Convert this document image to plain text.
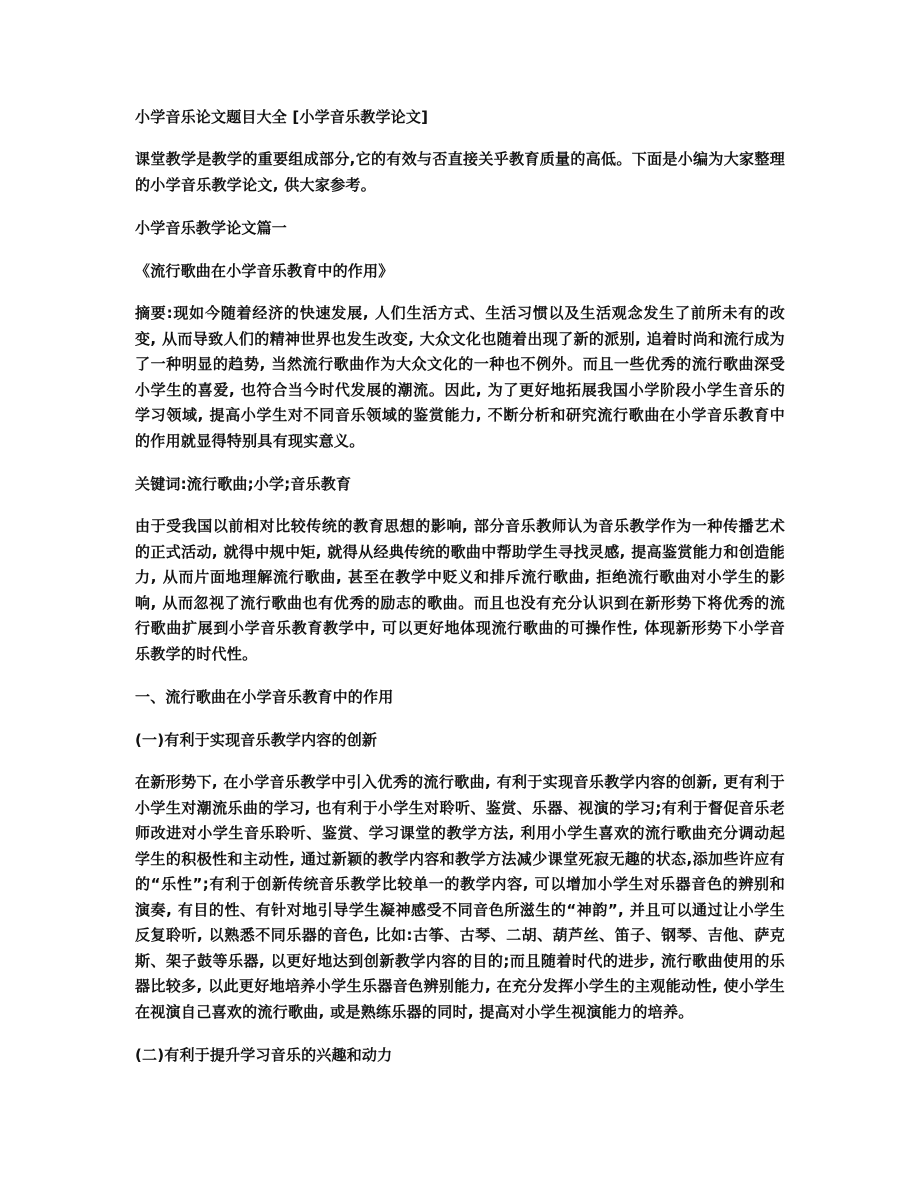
小学音乐论文题目大全 [小学音乐教学论文]
课堂教学是教学的重要组成部分,它的有效与否直接关乎教育质量的高低。下面是小编为大家整理的小学音乐教学论文, 供大家参考。
小学音乐教学论文篇一
《流行歌曲在小学音乐教育中的作用》
摘要:现如今随着经济的快速发展, 人们生活方式、生活习惯以及生活观念发生了前所未有的改变, 从而导致人们的精神世界也发生改变, 大众文化也随着出现了新的派别, 追着时尚和流行成为了一种明显的趋势, 当然流行歌曲作为大众文化的一种也不例外。而且一些优秀的流行歌曲深受小学生的喜爱, 也符合当今时代发展的潮流。因此, 为了更好地拓展我国小学阶段小学生音乐的学习领域, 提高小学生对不同音乐领域的鉴赏能力, 不断分析和研究流行歌曲在小学音乐教育中的作用就显得特别具有现实意义。
关键词:流行歌曲;小学;音乐教育
由于受我国以前相对比较传统的教育思想的影响, 部分音乐教师认为音乐教学作为一种传播艺术的正式活动, 就得中规中矩, 就得从经典传统的歌曲中帮助学生寻找灵感, 提高鉴赏能力和创造能力, 从而片面地理解流行歌曲, 甚至在教学中贬义和排斥流行歌曲, 拒绝流行歌曲对小学生的影响, 从而忽视了流行歌曲也有优秀的励志的歌曲。而且也没有充分认识到在新形势下将优秀的流行歌曲扩展到小学音乐教育教学中, 可以更好地体现流行歌曲的可操作性, 体现新形势下小学音乐教学的时代性。
一、流行歌曲在小学音乐教育中的作用
(一)有利于实现音乐教学内容的创新
在新形势下, 在小学音乐教学中引入优秀的流行歌曲, 有利于实现音乐教学内容的创新, 更有利于小学生对潮流乐曲的学习, 也有利于小学生对聆听、鉴赏、乐器、视演的学习;有利于督促音乐老师改进对小学生音乐聆听、鉴赏、学习课堂的教学方法, 利用小学生喜欢的流行歌曲充分调动起学生的积极性和主动性, 通过新颖的教学内容和教学方法减少课堂死寂无趣的状态,添加些许应有的“乐性”;有利于创新传统音乐教学比较单一的教学内容, 可以增加小学生对乐器音色的辨别和演奏, 有目的性、有针对地引导学生凝神感受不同音色所滋生的“神韵”, 并且可以通过让小学生反复聆听, 以熟悉不同乐器的音色, 比如:古筝、古琴、二胡、葫芦丝、笛子、钢琴、吉他、萨克斯、架子鼓等乐器, 以更好地达到创新教学内容的目的;而且随着时代的进步, 流行歌曲使用的乐器比较多, 以此更好地培养小学生乐器音色辨别能力, 在充分发挥小学生的主观能动性, 使小学生在视演自己喜欢的流行歌曲, 或是熟练乐器的同时, 提高对小学生视演能力的培养。
(二)有利于提升学习音乐的兴趣和动力
